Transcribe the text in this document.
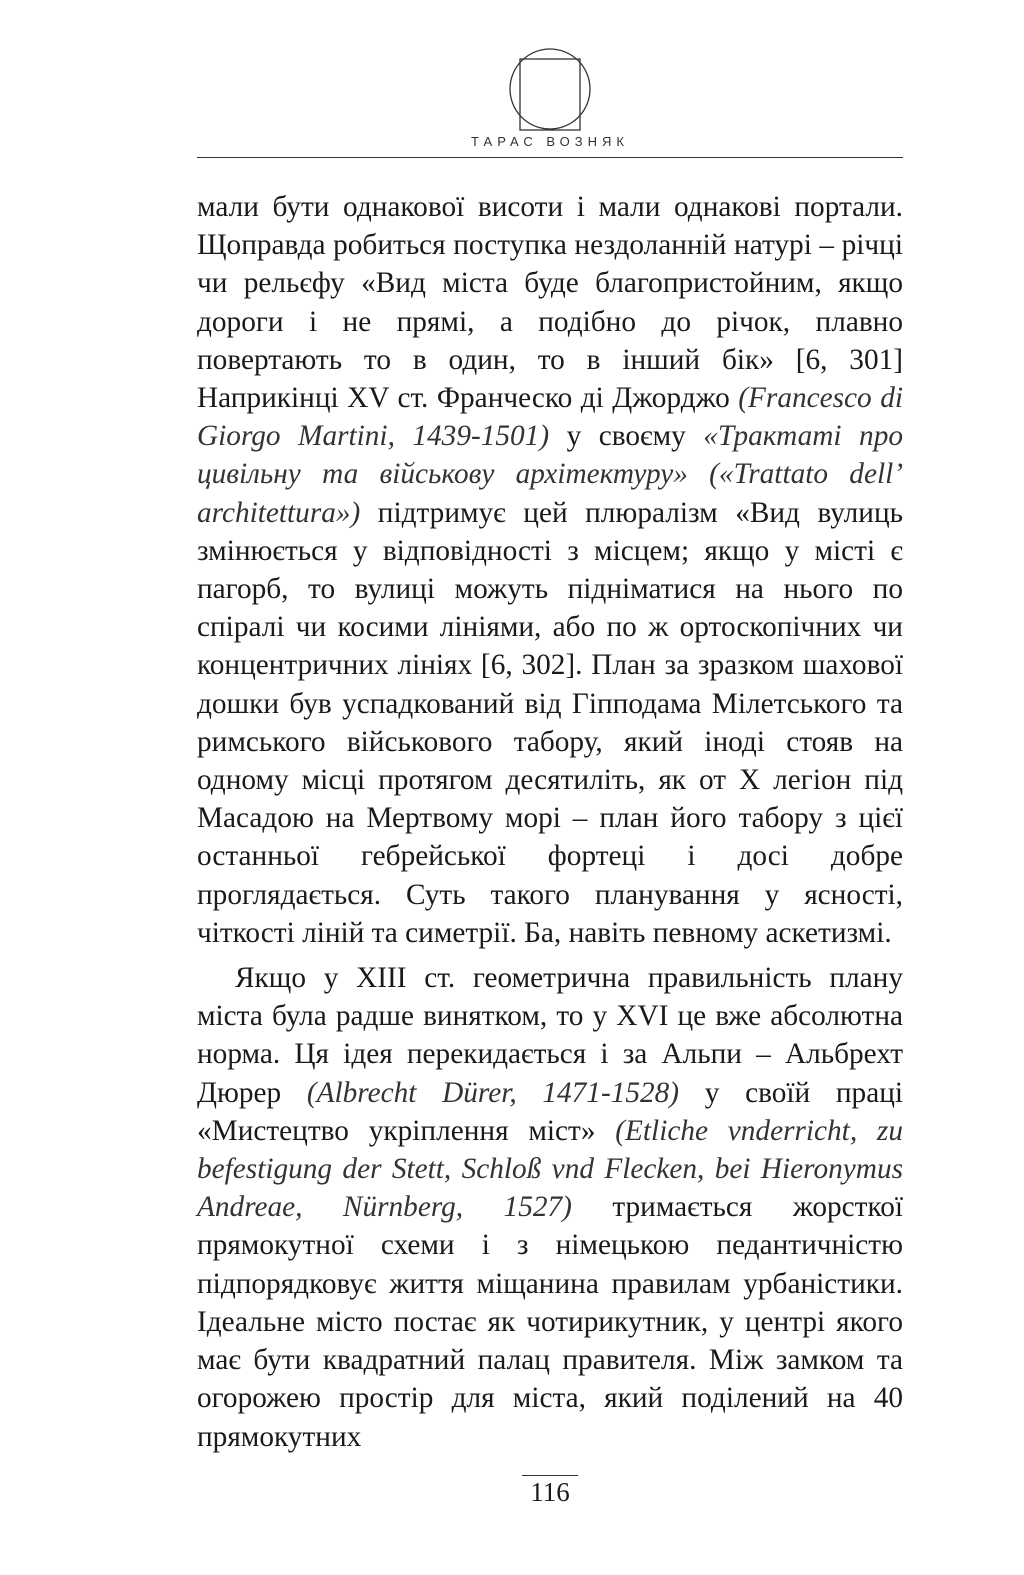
ТАРАС ВОЗНЯК

мали бути однакової висоти і мали однакові портали. Щоправда робиться поступка нездоланній натурі – річці чи рельєфу «Вид міста буде благопристойним, якщо дороги і не прямі, а подібно до річок, плавно повертають то в один, то в інший бік» [6, 301] Наприкінці XV ст. Франческо ді Джорджо (Francesco di Giorgo Martini, 1439-1501) у своєму «Трактаті про цивільну та військову архітектуру» («Trattato dell’ architettura») підтримує цей плюралізм «Вид вулиць змінюється у відповідності з місцем; якщо у місті є пагорб, то вулиці можуть підніматися на нього по спіралі чи косими лініями, або по ж ортоскопічних чи концентричних лініях [6, 302]. План за зразком шахової дошки був успадкований від Гіпподама Мілетського та римського військового табору, який іноді стояв на одному місці протягом десятиліть, як от X легіон під Масадою на Мертвому морі – план його табору з цієї останньої гебрейської фортеці і досі добре проглядається. Суть такого планування у ясності, чіткості ліній та симетрії. Ба, навіть певному аскетизмі.

Якщо у XIII ст. геометрична правильність плану міста була радше винятком, то у XVI це вже абсолютна норма. Ця ідея перекидається і за Альпи – Альбрехт Дюрер (Albrecht Dürer, 1471-1528) у своїй праці «Мистецтво укріплення міст» (Etliche vnderricht, zu befestigung der Stett, Schloß vnd Flecken, bei Hieronymus Andreae, Nürnberg, 1527) тримається жорсткої прямокутної схеми і з німецькою педантичністю підпорядковує життя міщанина правилам урбаністики. Ідеальне місто постає як чотирикутник, у центрі якого має бути квадратний палац правителя. Між замком та огорожею простір для міста, який поділений на 40 прямокутних

116
